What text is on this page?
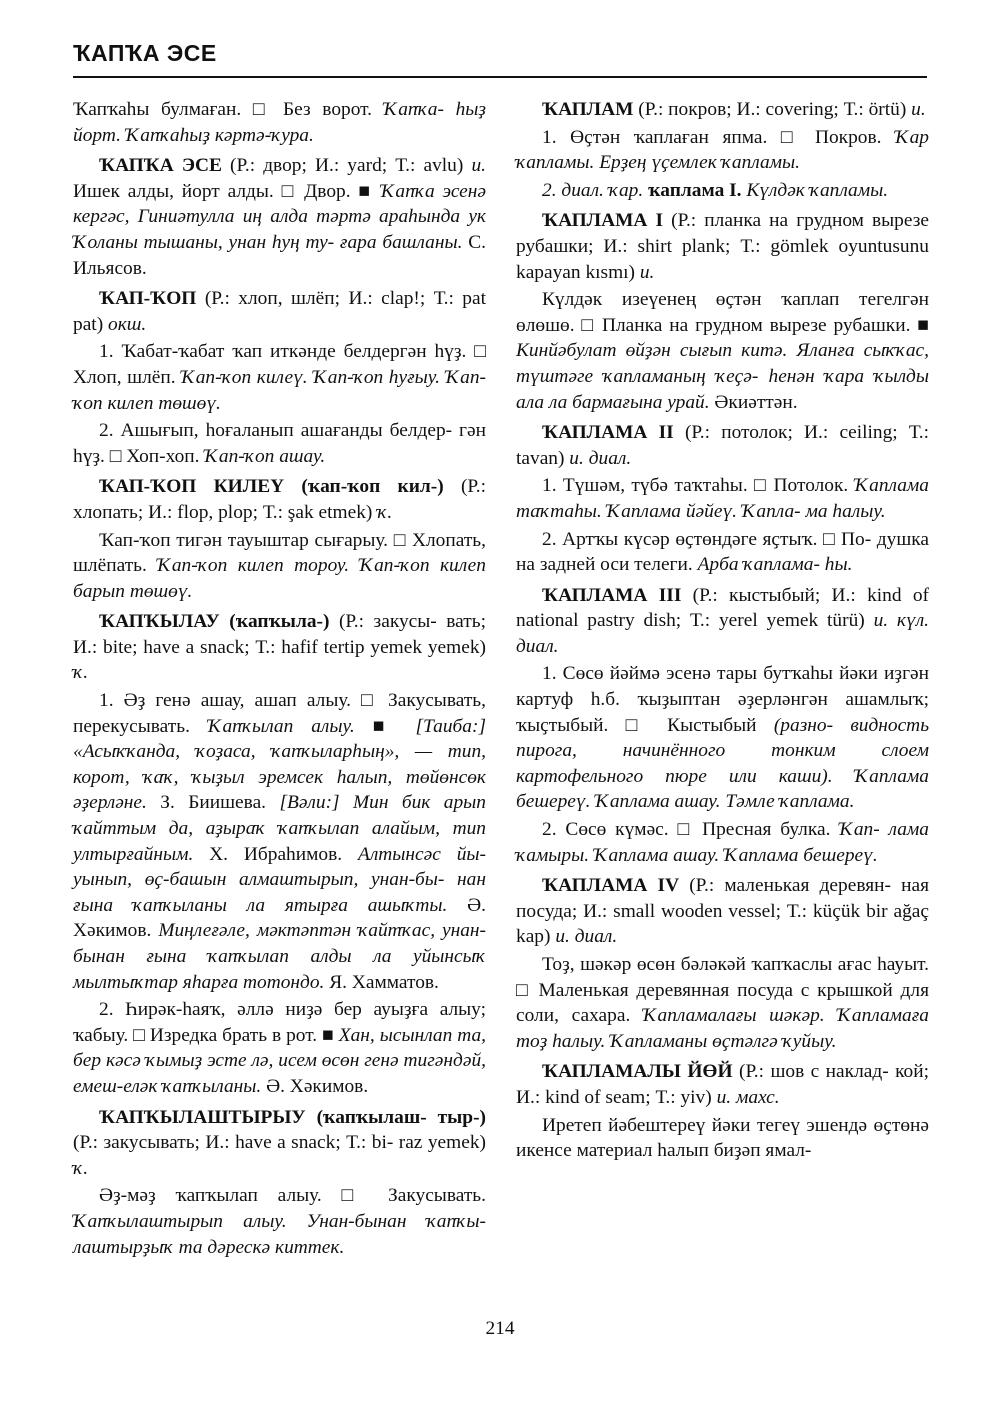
ҠАПҠА ЭСЕ

Ҡапҡаһы булмаған. □ Без ворот. Ҡапҡа- һыҙ йорт. Ҡапҡаһыҙ кәртә-ҡура.

ҠАПҠА ЭСЕ (Р.: двор; И.: yard; Т.: avlu) и. Ишек алды, йорт алды. □ Двор. ■ Ҡапҡа эсенә кергәс, Гиниәтулла иң алда тәртә араһында ук Ҡоланы тышаны, унан һуң ту- ғара башланы. С. Ильясов.

ҠАП-ҠОП (Р.: хлоп, шлёп; И.: clap!; Т.: pat pat) окш.

1. Ҡабат-ҡабат ҡап иткәнде белдергән һүҙ. □ Хлоп, шлёп. Ҡап-ҡоп килеү. Ҡап-ҡоп һуғыу. Ҡап-ҡоп килеп төшөү.

2. Ашығып, һоғаланып ашағанды белдер- гән һүҙ. □ Хоп-хоп. Ҡап-ҡоп ашау.

ҠАП-ҠОП КИЛЕҮ (ҡап-ҡоп кил-) (Р.: хлопать; И.: flop, plop; Т.: şak etmek) ҡ.

Ҡап-ҡоп тигән тауыштар сығарыу. □ Хлопать, шлёпать. Ҡап-ҡоп килеп тороу. Ҡап-ҡоп килеп барып төшөү.

ҠАПҠЫЛАУ (ҡапҡыла-) (Р.: закусы- вать; И.: bite; have a snack; Т.: hafif tertip yemek yemek) ҡ.

1. Әҙ генә ашау, ашап алыу. □ Закусывать, перекусывать. Ҡапҡылап алыу. ■ [Таиба:] «Асыҡҡанда, ҡоҙаса, ҡапҡыларһың», — тип, корот, ҡаҡ, ҡыҙыл эремсек һалып, төйөнсөк әҙерләне. З. Биишева. [Вәли:] Мин бик арып ҡайттым да, аҙыраҡ ҡапҡылап алайым, тип ултырғайным. Х. Ибраһимов. Алтынсәс йы- уынып, өҫ-башын алмаштырып, унан-бы- нан ғына ҡапҡыланы ла ятырға ашыҡты. Ә. Хәкимов. Миңлеғәле, мәктәптән ҡайтҡас, унан-бынан ғына ҡапҡылап алды ла уйынсыҡ мылтыҡтар яһарға тотондо. Я. Хамматов.

2. Һирәк-һаяҡ, әллә ниҙә бер ауыҙға алыу; ҡабыу. □ Изредка брать в рот. ■ Хан, ысынлап та, бер кәсә ҡымыҙ эсте лә, исем өсөн генә тигәндәй, емеш-еләк ҡапҡыланы. Ә. Хәкимов.

ҠАПҠЫЛАШТЫРЫУ (ҡапҡылаш- тыр-) (Р.: закусывать; И.: have a snack; Т.: bi- raz yemek) ҡ.

Әҙ-мәҙ ҡапҡылап алыу. □ Закусывать. Ҡапҡылаштырып алыу. Унан-бынан ҡапҡы- лаштырҙыҡ та дәрескә киттек.

ҠАПЛАМ (Р.: покров; И.: covering; Т.: örtü) и.

1. Өҫтән ҡаплаған япма. □ Покров. Ҡар ҡапламы. Ерҙең үҫемлек ҡапламы.

2. диал. ҡар. ҡаплама I. Күлдәк ҡапламы.

ҠАПЛАМА I (Р.: планка на грудном вырезе рубашки; И.: shirt plank; Т.: gömlek oyuntusunu kapayan kısmı) и.

Күлдәк изеүенең өҫтән ҡаплап тегелгән өлөшө. □ Планка на грудном вырезе рубашки. ■ Кинйәбулат өйҙән сығып китә. Яланға сыҡҡас, түштәге ҡапламаның ҡеҫә- һенән ҡара ҡылды ала ла бармағына урай. Әкиәттән.

ҠАПЛАМА II (Р.: потолок; И.: ceiling; Т.: tavan) и. диал.

1. Түшәм, түбә таҡтаһы. □ Потолок. Ҡаплама таҡтаһы. Ҡаплама йәйеү. Ҡапла- ма һалыу.

2. Артҡы күсәр өҫтөндәге яҫтыҡ. □ По- душка на задней оси телеги. Арба ҡаплама- һы.

ҠАПЛАМА III (Р.: кыстыбый; И.: kind of national pastry dish; Т.: yerel yemek türü) и. күл. диал.

1. Сөсө йәймә эсенә тары бутҡаһы йәки иҙгән картуф һ.б. ҡыҙыптан әҙерләнгән ашамлыҡ; ҡыҫтыбый. □ Кыстыбый (разно- видность пирога, начинённого тонким слоем картофельного пюре или каши). Ҡаплама бешереү. Ҡаплама ашау. Тәмле ҡаплама.

2. Сөсө күмәс. □ Пресная булка. Ҡап- лама ҡамыры. Ҡаплама ашау. Ҡаплама бешереү.

ҠАПЛАМА IV (Р.: маленькая деревян- ная посуда; И.: small wooden vessel; Т.: küçük bir ağaç kap) и. диал.

Тоҙ, шәкәр өсөн бәләкәй ҡапҡаслы ағас һауыт. □ Маленькая деревянная посуда с крышкой для соли, сахара. Ҡапламалағы шәкәр. Ҡапламаға тоҙ һалыу. Ҡапламаны өҫтәлгә ҡуйыу.

ҠАПЛАМАЛЫ ЙӨЙ (Р.: шов с наклад- кой; И.: kind of seam; Т.: yiv) и. махс.

Иретеп йәбештереү йәки тегеү эшендә өҫтөнә икенсе материал һалып биҙәп ямал-

214
